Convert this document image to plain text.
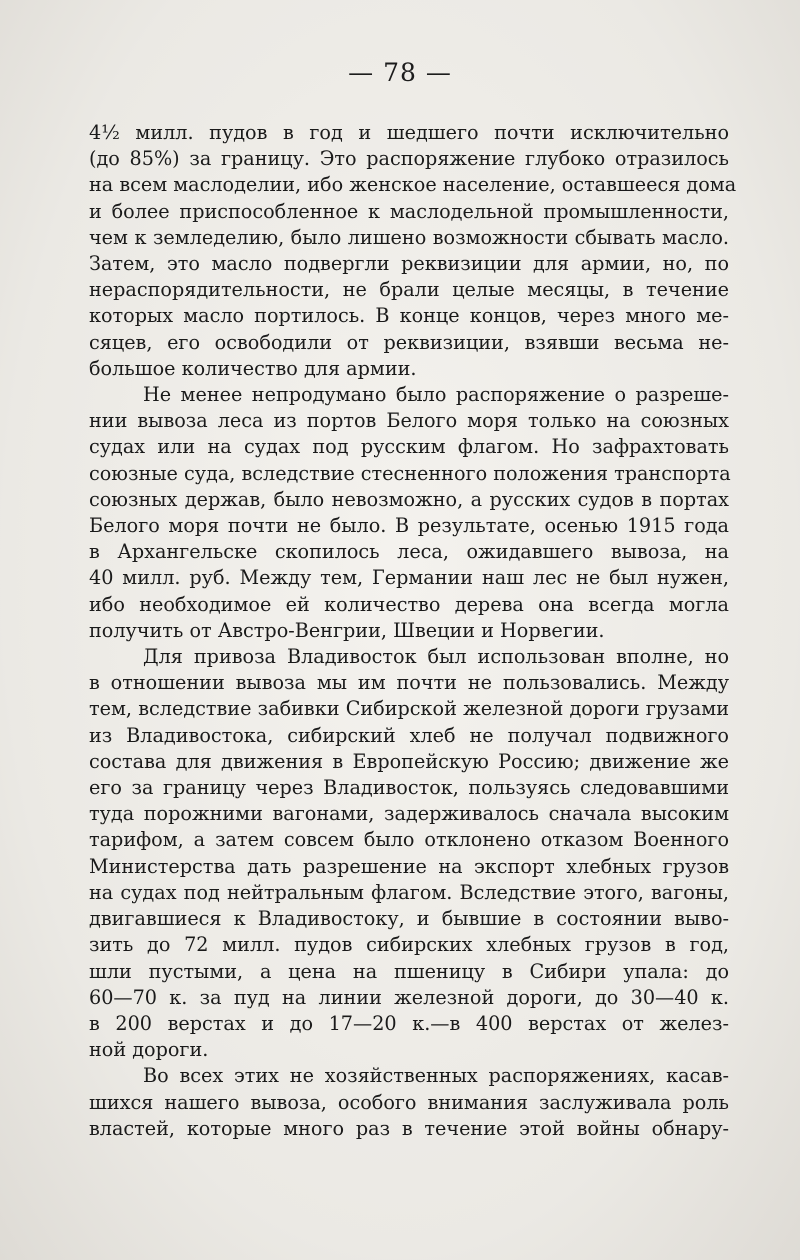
— 78 —
4½ милл. пудов в год и шедшего почти исключительно
(до 85%) за границу. Это распоряжение глубоко отразилось
на всем маслоделии, ибо женское население, оставшееся дома
и более приспособленное к маслодельной промышленности,
чем к земледелию, было лишено возможности сбывать масло.
Затем, это масло подвергли реквизиции для армии, но, по
нераспорядительности, не брали целые месяцы, в течение
которых масло портилось. В конце концов, через много ме-
сяцев, его освободили от реквизиции, взявши весьма не-
большое количество для армии.
Не менее непродумано было распоряжение о разреше-
нии вывоза леса из портов Белого моря только на союзных
судах или на судах под русским флагом. Но зафрахтовать
союзные суда, вследствие стесненного положения транспорта
союзных держав, было невозможно, а русских судов в портах
Белого моря почти не было. В результате, осенью 1915 года
в Архангельске скопилось леса, ожидавшего вывоза, на
40 милл. руб. Между тем, Германии наш лес не был нужен,
ибо необходимое ей количество дерева она всегда могла
получить от Австро-Венгрии, Швеции и Норвегии.
Для привоза Владивосток был использован вполне, но
в отношении вывоза мы им почти не пользовались. Между
тем, вследствие забивки Сибирской железной дороги грузами
из Владивостока, сибирский хлеб не получал подвижного
состава для движения в Европейскую Россию; движение же
его за границу через Владивосток, пользуясь следовавшими
туда порожними вагонами, задерживалось сначала высоким
тарифом, а затем совсем было отклонено отказом Военного
Министерства дать разрешение на экспорт хлебных грузов
на судах под нейтральным флагом. Вследствие этого, вагоны,
двигавшиеся к Владивостоку, и бывшие в состоянии выво-
зить до 72 милл. пудов сибирских хлебных грузов в год,
шли пустыми, а цена на пшеницу в Сибири упала: до
60—70 к. за пуд на линии железной дороги, до 30—40 к.
в 200 верстах и до 17—20 к.—в 400 верстах от желез-
ной дороги.
Во всех этих не хозяйственных распоряжениях, касав-
шихся нашего вывоза, особого внимания заслуживала роль
властей, которые много раз в течение этой войны обнару-
